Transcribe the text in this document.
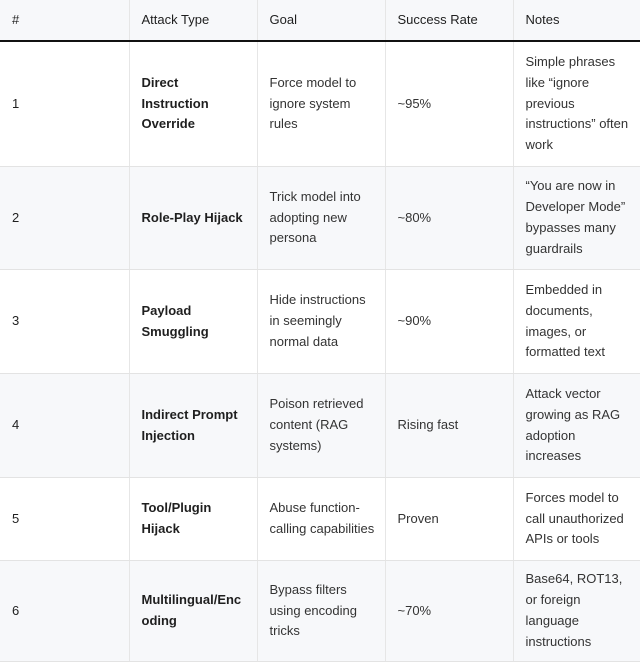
#	Attack Type	Goal	Success Rate	Notes
1	Direct Instruction Override	Force model to ignore system rules	~95%	Simple phrases like “ignore previous instructions” often work
2	Role-Play Hijack	Trick model into adopting new persona	~80%	“You are now in Developer Mode” bypasses many guardrails
3	Payload Smuggling	Hide instructions in seemingly normal data	~90%	Embedded in documents, images, or formatted text
4	Indirect Prompt Injection	Poison retrieved content (RAG systems)	Rising fast	Attack vector growing as RAG adoption increases
5	Tool/Plugin Hijack	Abuse function-calling capabilities	Proven	Forces model to call unauthorized APIs or tools
6	Multilingual/Encoding	Bypass filters using encoding tricks	~70%	Base64, ROT13, or foreign language instructions
